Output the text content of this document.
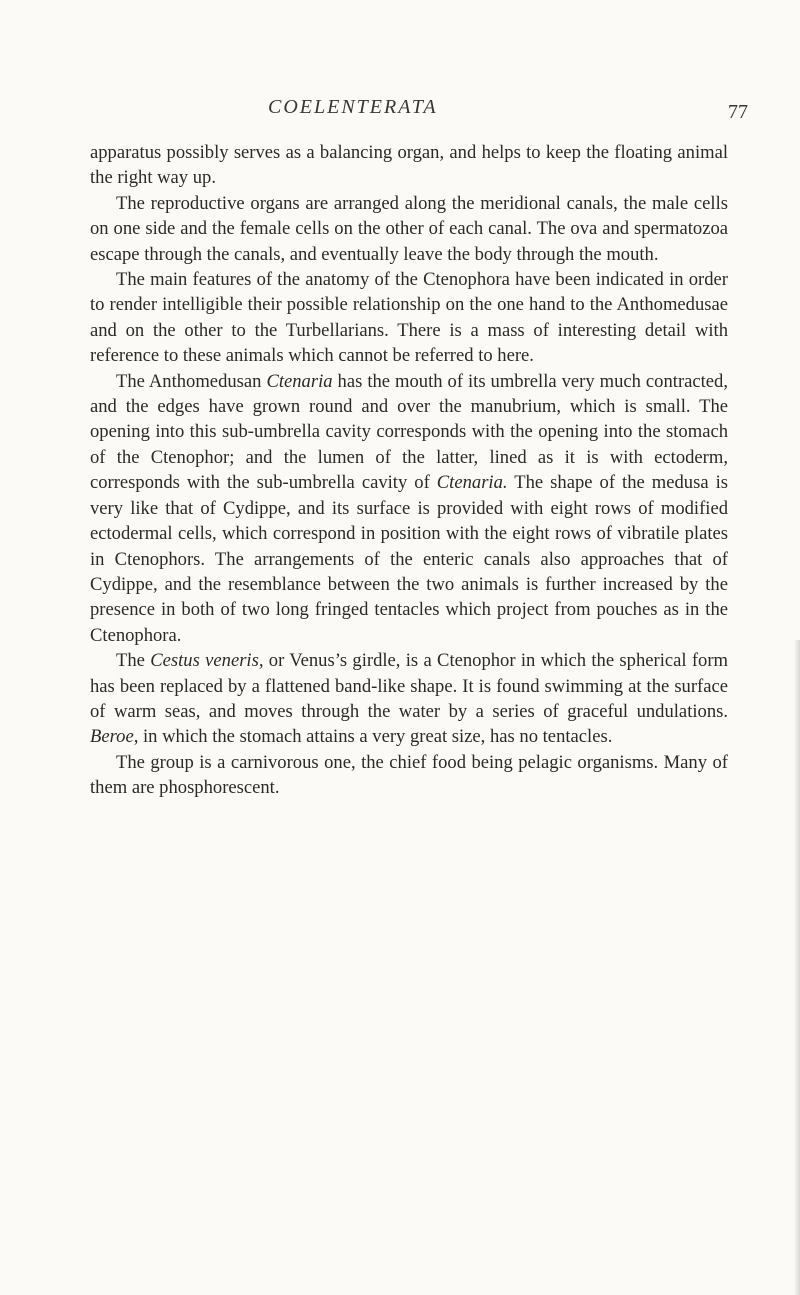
COELENTERATA	77

apparatus possibly serves as a balancing organ, and helps to keep the floating animal the right way up.

The reproductive organs are arranged along the meridional canals, the male cells on one side and the female cells on the other of each canal. The ova and spermatozoa escape through the canals, and eventually leave the body through the mouth.

The main features of the anatomy of the Ctenophora have been indicated in order to render intelligible their possible relationship on the one hand to the Anthomedusae and on the other to the Turbellarians. There is a mass of interesting detail with reference to these animals which cannot be referred to here.

The Anthomedusan Ctenaria has the mouth of its umbrella very much contracted, and the edges have grown round and over the manubrium, which is small. The opening into this sub-umbrella cavity corresponds with the opening into the stomach of the Ctenophor; and the lumen of the latter, lined as it is with ectoderm, corresponds with the sub-umbrella cavity of Ctenaria. The shape of the medusa is very like that of Cydippe, and its surface is provided with eight rows of modified ectodermal cells, which correspond in position with the eight rows of vibratile plates in Ctenophors. The arrangements of the enteric canals also approaches that of Cydippe, and the resemblance between the two animals is further increased by the presence in both of two long fringed tentacles which project from pouches as in the Ctenophora.

The Cestus veneris, or Venus’s girdle, is a Ctenophor in which the spherical form has been replaced by a flattened band-like shape. It is found swimming at the surface of warm seas, and moves through the water by a series of graceful undulations. Beroe, in which the stomach attains a very great size, has no tentacles.

The group is a carnivorous one, the chief food being pelagic organisms. Many of them are phosphorescent.
